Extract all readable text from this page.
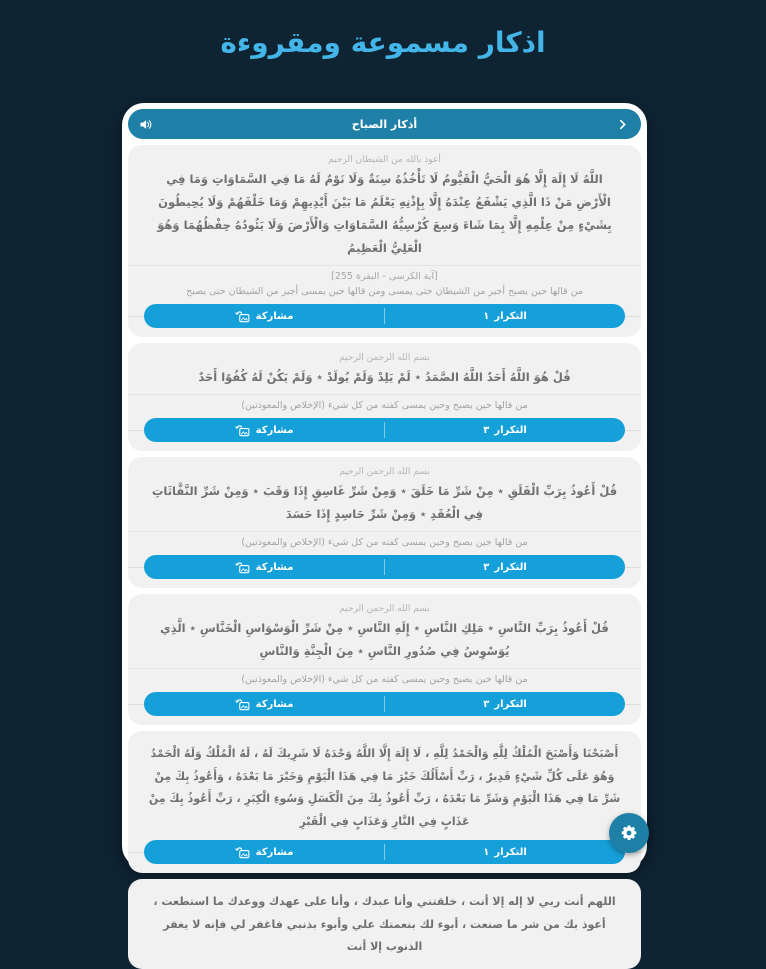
اذكار مسموعة ومقروءة
أذكار الصباح
أعوذ بالله من الشيطان الرجيم
اللَّهُ لَا إِلَهَ إِلَّا هُوَ الْحَيُّ الْقَيُّومُ لَا تَأْخُذُهُ سِنَةٌ وَلَا نَوْمٌ لَهُ مَا فِي السَّمَاوَاتِ وَمَا فِي الْأَرْضِ مَنْ ذَا الَّذِي يَشْفَعُ عِنْدَهُ إِلَّا بِإِذْنِهِ يَعْلَمُ مَا بَيْنَ أَيْدِيهِمْ وَمَا خَلْفَهُمْ وَلَا يُحِيطُونَ بِشَيْءٍ مِنْ عِلْمِهِ إِلَّا بِمَا شَاءَ وَسِعَ كُرْسِيُّهُ السَّمَاوَاتِ وَالْأَرْضَ وَلَا يَئُودُهُ حِفْظُهُمَا وَهُوَ الْعَلِيُّ الْعَظِيمُ
[آية الكرسى - البقرة 255]
من قالها حين يصبح أجير من الشيطان حتى يمسى ومن قالها حين يمسى أجير من الشيطان حتى يصبح
التكرار
١
مشاركة
بسم الله الرحمن الرحيم
قُلْ هُوَ اللَّهُ أَحَدٌ اللَّهُ الصَّمَدُ ٭ لَمْ يَلِدْ وَلَمْ يُولَدْ ٭ وَلَمْ يَكُنْ لَهُ كُفُوًا أَحَدٌ
من قالها حين يصبح وحين يمسى كفته من كل شيء (الإخلاص والمعوذتين)
التكرار
٣
مشاركة
بسم الله الرحمن الرحيم
قُلْ أَعُوذُ بِرَبِّ الْفَلَقِ ٭ مِنْ شَرِّ مَا خَلَقَ ٭ وَمِنْ شَرِّ غَاسِقٍ إِذَا وَقَبَ ٭ وَمِنْ شَرِّ النَّفَّاثَاتِ فِي الْعُقَدِ ٭ وَمِنْ شَرِّ حَاسِدٍ إِذَا حَسَدَ
من قالها حين يصبح وحين يمسى كفته من كل شيء (الإخلاص والمعوذتين)
التكرار
٣
مشاركة
بسم الله الرحمن الرحيم
قُلْ أَعُوذُ بِرَبِّ النَّاسِ ٭ مَلِكِ النَّاسِ ٭ إِلَهِ النَّاسِ ٭ مِنْ شَرِّ الْوَسْوَاسِ الْخَنَّاسِ ٭ الَّذِي يُوَسْوِسُ فِي صُدُورِ النَّاسِ ٭ مِنَ الْجِنَّةِ وَالنَّاسِ
من قالها حين يصبح وحين يمسى كفته من كل شيء (الإخلاص والمعوذتين)
التكرار
٣
مشاركة
أَصْبَحْنَا وَأَصْبَحَ الْمُلْكُ لِلَّهِ وَالْحَمْدُ لِلَّهِ ، لَا إِلَهَ إِلَّا اللَّهُ وَحْدَهُ لَا شَرِيكَ لَهُ ، لَهُ الْمُلْكُ وَلَهُ الْحَمْدُ وَهُوَ عَلَى كُلِّ شَيْءٍ قَدِيرٌ ، رَبِّ أَسْأَلُكَ خَيْرَ مَا فِي هَذَا الْيَوْمِ وَخَيْرَ مَا بَعْدَهُ ، وَأَعُوذُ بِكَ مِنْ شَرِّ مَا فِي هَذَا الْيَوْمِ وَشَرِّ مَا بَعْدَهُ ، رَبِّ أَعُوذُ بِكَ مِنَ الْكَسَلِ وَسُوءِ الْكِبَرِ ، رَبِّ أَعُوذُ بِكَ مِنْ عَذَابٍ فِي النَّارِ وَعَذَابٍ فِي الْقَبْرِ
التكرار
١
مشاركة
اللهم أنت ربي لا إله إلا أنت ، خلقتني وأنا عبدك ، وأنا على عهدك ووعدك ما استطعت ، أعوذ بك من شر ما صنعت ، أبوء لك بنعمتك علي وأبوء بذنبي فاغفر لي فإنه لا يغفر الذنوب إلا أنت
